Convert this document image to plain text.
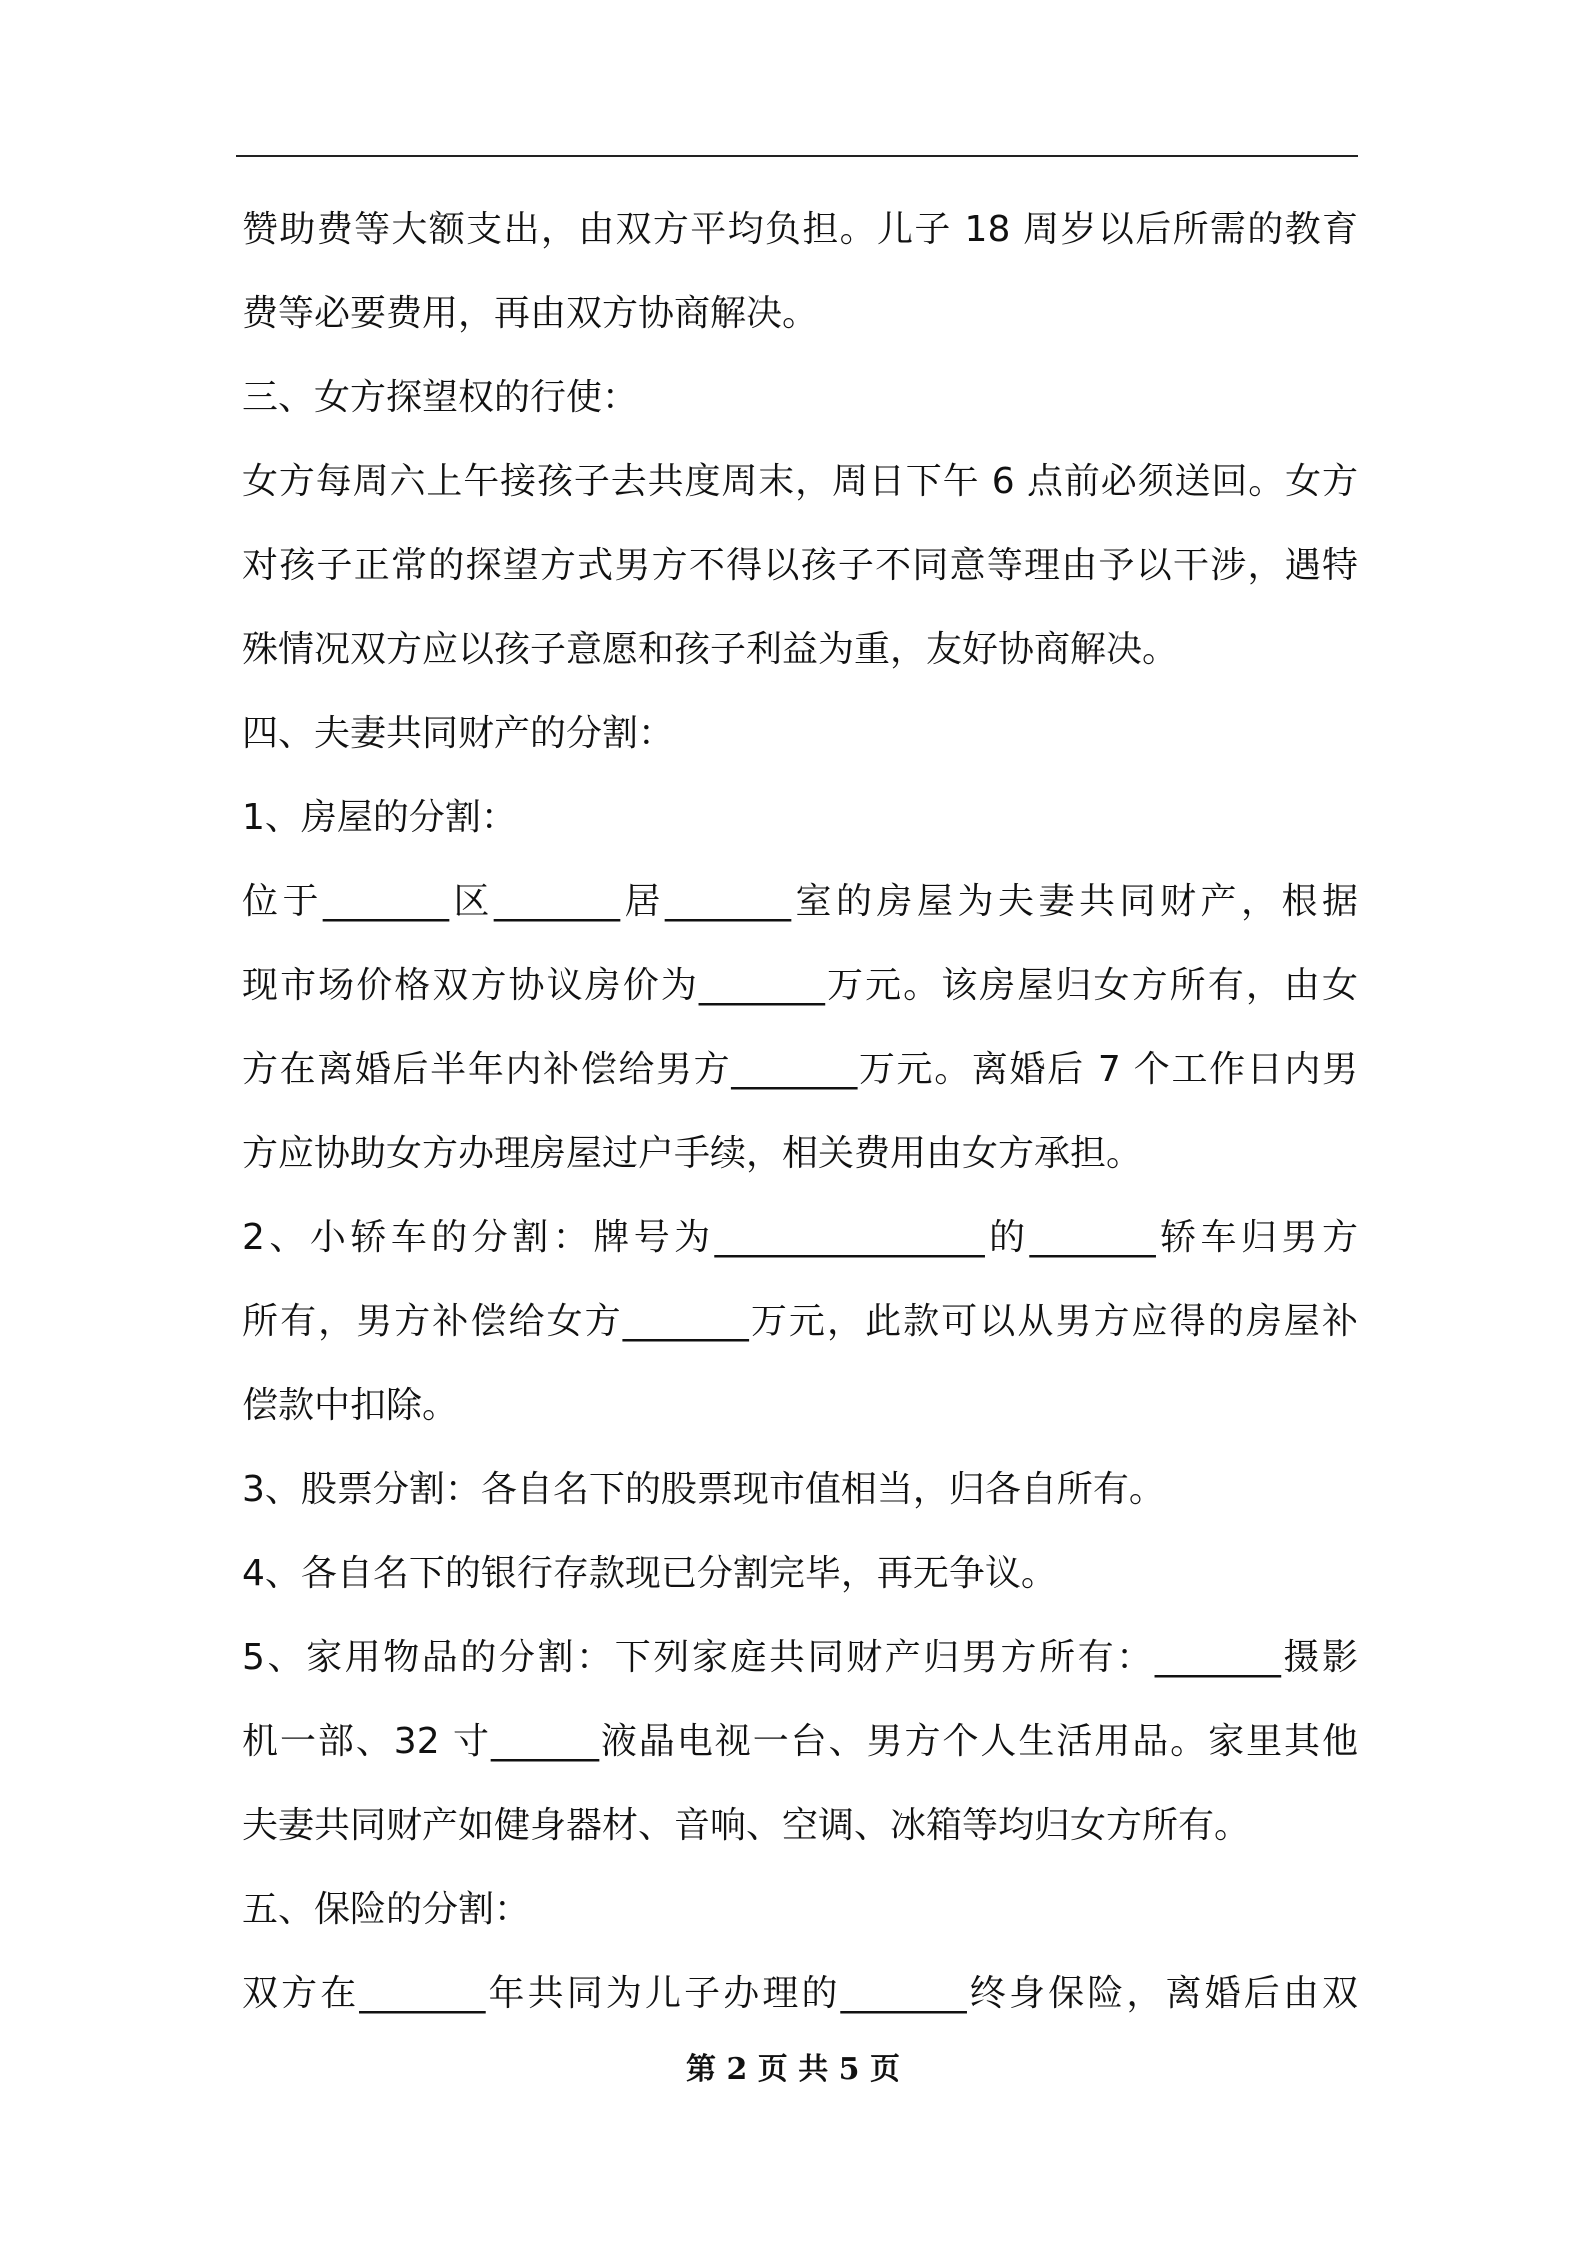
赞助费等大额支出，由双方平均负担。儿子 18 周岁以后所需的教育
费等必要费用，再由双方协商解决。
三、女方探望权的行使：
女方每周六上午接孩子去共度周末，周日下午 6 点前必须送回。女方
对孩子正常的探望方式男方不得以孩子不同意等理由予以干涉，遇特
殊情况双方应以孩子意愿和孩子利益为重，友好协商解决。
四、夫妻共同财产的分割：
1、房屋的分割：
位于_______区_______居_______室的房屋为夫妻共同财产，根据
现市场价格双方协议房价为_______万元。该房屋归女方所有，由女
方在离婚后半年内补偿给男方_______万元。离婚后 7 个工作日内男
方应协助女方办理房屋过户手续，相关费用由女方承担。
2、小轿车的分割：牌号为_______________的_______轿车归男方
所有，男方补偿给女方_______万元，此款可以从男方应得的房屋补
偿款中扣除。
3、股票分割：各自名下的股票现市值相当，归各自所有。
4、各自名下的银行存款现已分割完毕，再无争议。
5、家用物品的分割：下列家庭共同财产归男方所有：_______摄影
机一部、32 寸______液晶电视一台、男方个人生活用品。家里其他
夫妻共同财产如健身器材、音响、空调、冰箱等均归女方所有。
五、保险的分割：
双方在_______年共同为儿子办理的_______终身保险，离婚后由双
第 2 页 共 5 页
